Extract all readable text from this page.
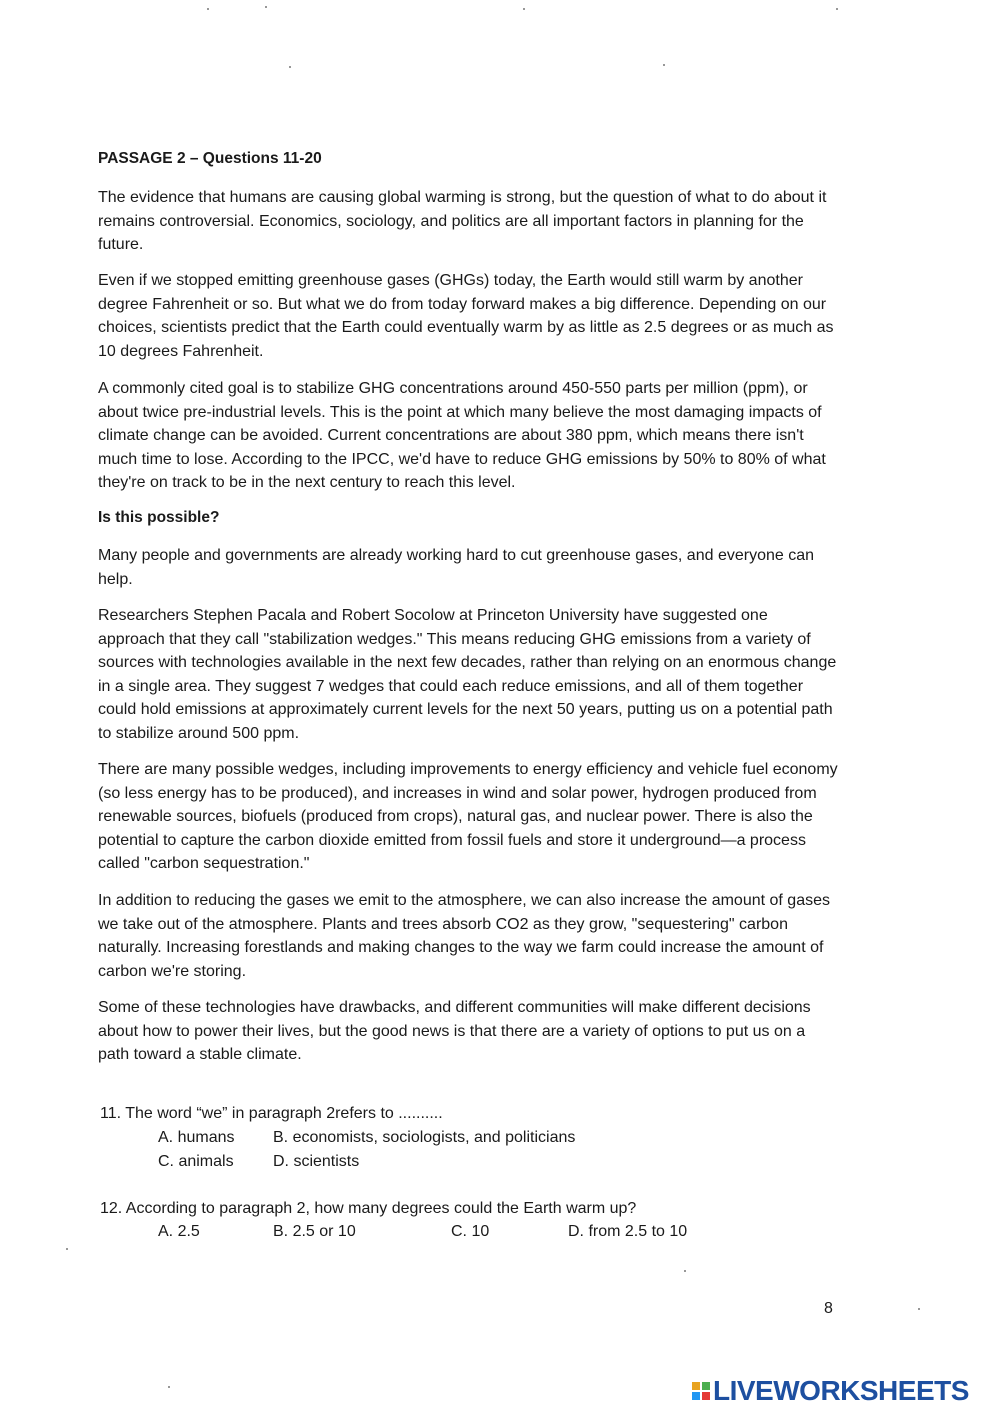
PASSAGE 2 – Questions 11-20

The evidence that humans are causing global warming is strong, but the question of what to do about it remains controversial. Economics, sociology, and politics are all important factors in planning for the future.

Even if we stopped emitting greenhouse gases (GHGs) today, the Earth would still warm by another degree Fahrenheit or so. But what we do from today forward makes a big difference. Depending on our choices, scientists predict that the Earth could eventually warm by as little as 2.5 degrees or as much as 10 degrees Fahrenheit.

A commonly cited goal is to stabilize GHG concentrations around 450-550 parts per million (ppm), or about twice pre-industrial levels. This is the point at which many believe the most damaging impacts of climate change can be avoided. Current concentrations are about 380 ppm, which means there isn't much time to lose. According to the IPCC, we'd have to reduce GHG emissions by 50% to 80% of what they're on track to be in the next century to reach this level.

Is this possible?

Many people and governments are already working hard to cut greenhouse gases, and everyone can help.

Researchers Stephen Pacala and Robert Socolow at Princeton University have suggested one approach that they call "stabilization wedges." This means reducing GHG emissions from a variety of sources with technologies available in the next few decades, rather than relying on an enormous change in a single area. They suggest 7 wedges that could each reduce emissions, and all of them together could hold emissions at approximately current levels for the next 50 years, putting us on a potential path to stabilize around 500 ppm.

There are many possible wedges, including improvements to energy efficiency and vehicle fuel economy (so less energy has to be produced), and increases in wind and solar power, hydrogen produced from renewable sources, biofuels (produced from crops), natural gas, and nuclear power. There is also the potential to capture the carbon dioxide emitted from fossil fuels and store it underground—a process called "carbon sequestration."

In addition to reducing the gases we emit to the atmosphere, we can also increase the amount of gases we take out of the atmosphere. Plants and trees absorb CO2 as they grow, "sequestering" carbon naturally. Increasing forestlands and making changes to the way we farm could increase the amount of carbon we're storing.

Some of these technologies have drawbacks, and different communities will make different decisions about how to power their lives, but the good news is that there are a variety of options to put us on a path toward a stable climate.

11. The word “we” in paragraph 2refers to ..........

A. humans B. economists, sociologists, and politicians
C. animals D. scientists

12. According to paragraph 2, how many degrees could the Earth warm up?

A. 2.5	B. 2.5 or 10	C. 10	D. from 2.5 to 10
8
LIVEWORKSHEETS
